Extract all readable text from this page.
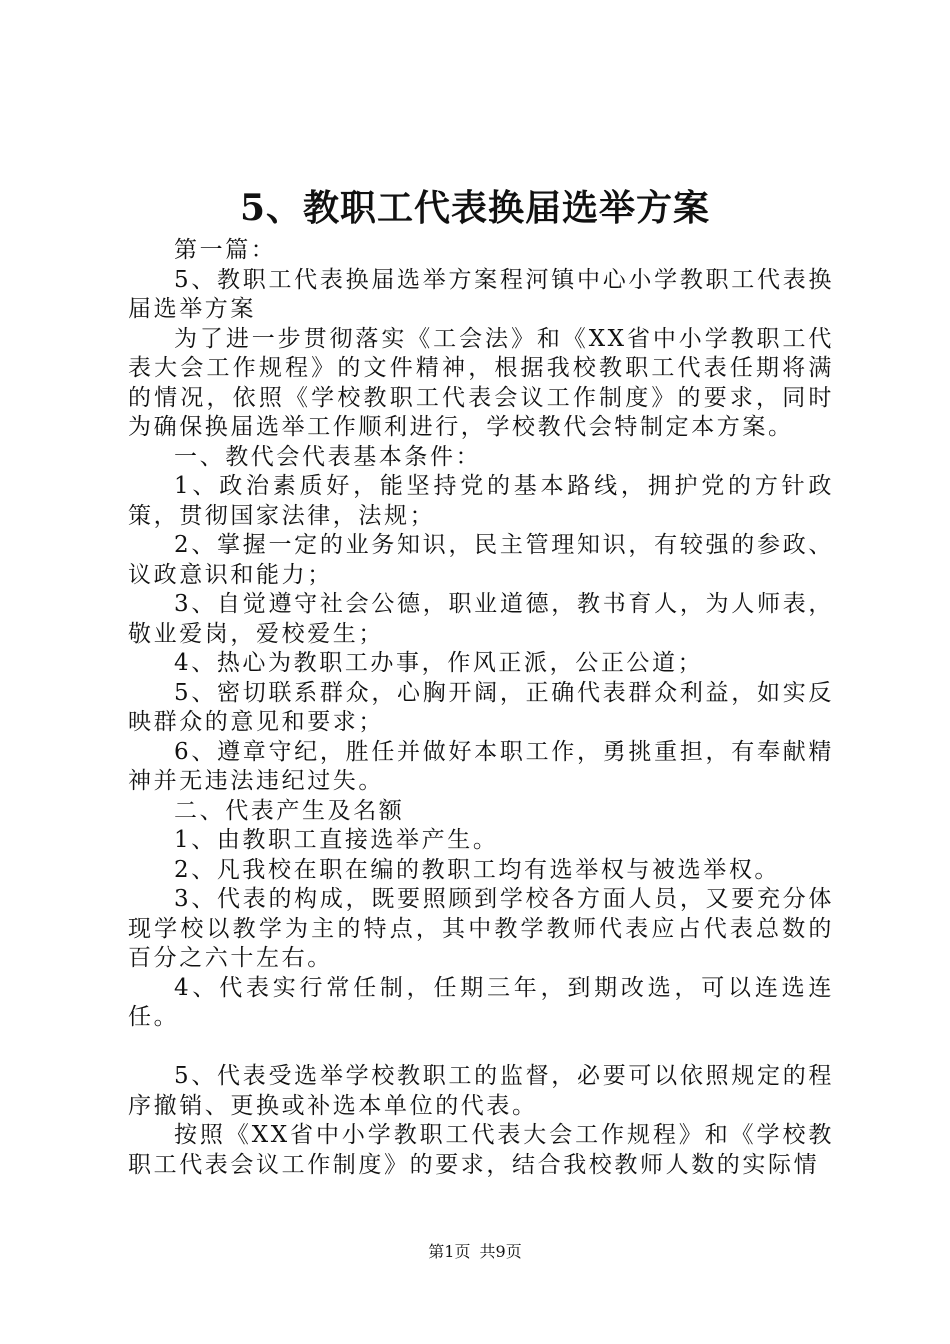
5、教职工代表换届选举方案

第一篇：

5、教职工代表换届选举方案程河镇中心小学教职工代表换届选举方案

为了进一步贯彻落实《工会法》和《XX省中小学教职工代表大会工作规程》的文件精神，根据我校教职工代表任期将满的情况，依照《学校教职工代表会议工作制度》的要求，同时为确保换届选举工作顺利进行，学校教代会特制定本方案。

一、教代会代表基本条件：

1、政治素质好，能坚持党的基本路线，拥护党的方针政策，贯彻国家法律，法规；

2、掌握一定的业务知识，民主管理知识，有较强的参政、议政意识和能力；

3、自觉遵守社会公德，职业道德，教书育人，为人师表，敬业爱岗，爱校爱生；

4、热心为教职工办事，作风正派，公正公道；

5、密切联系群众，心胸开阔，正确代表群众利益，如实反映群众的意见和要求；

6、遵章守纪，胜任并做好本职工作，勇挑重担，有奉献精神并无违法违纪过失。

二、代表产生及名额

1、由教职工直接选举产生。

2、凡我校在职在编的教职工均有选举权与被选举权。

3、代表的构成，既要照顾到学校各方面人员，又要充分体现学校以教学为主的特点，其中教学教师代表应占代表总数的百分之六十左右。

4、代表实行常任制，任期三年，到期改选，可以连选连任。

5、代表受选举学校教职工的监督，必要可以依照规定的程序撤销、更换或补选本单位的代表。

按照《XX省中小学教职工代表大会工作规程》和《学校教职工代表会议工作制度》的要求，结合我校教师人数的实际情

第1页 共9页
